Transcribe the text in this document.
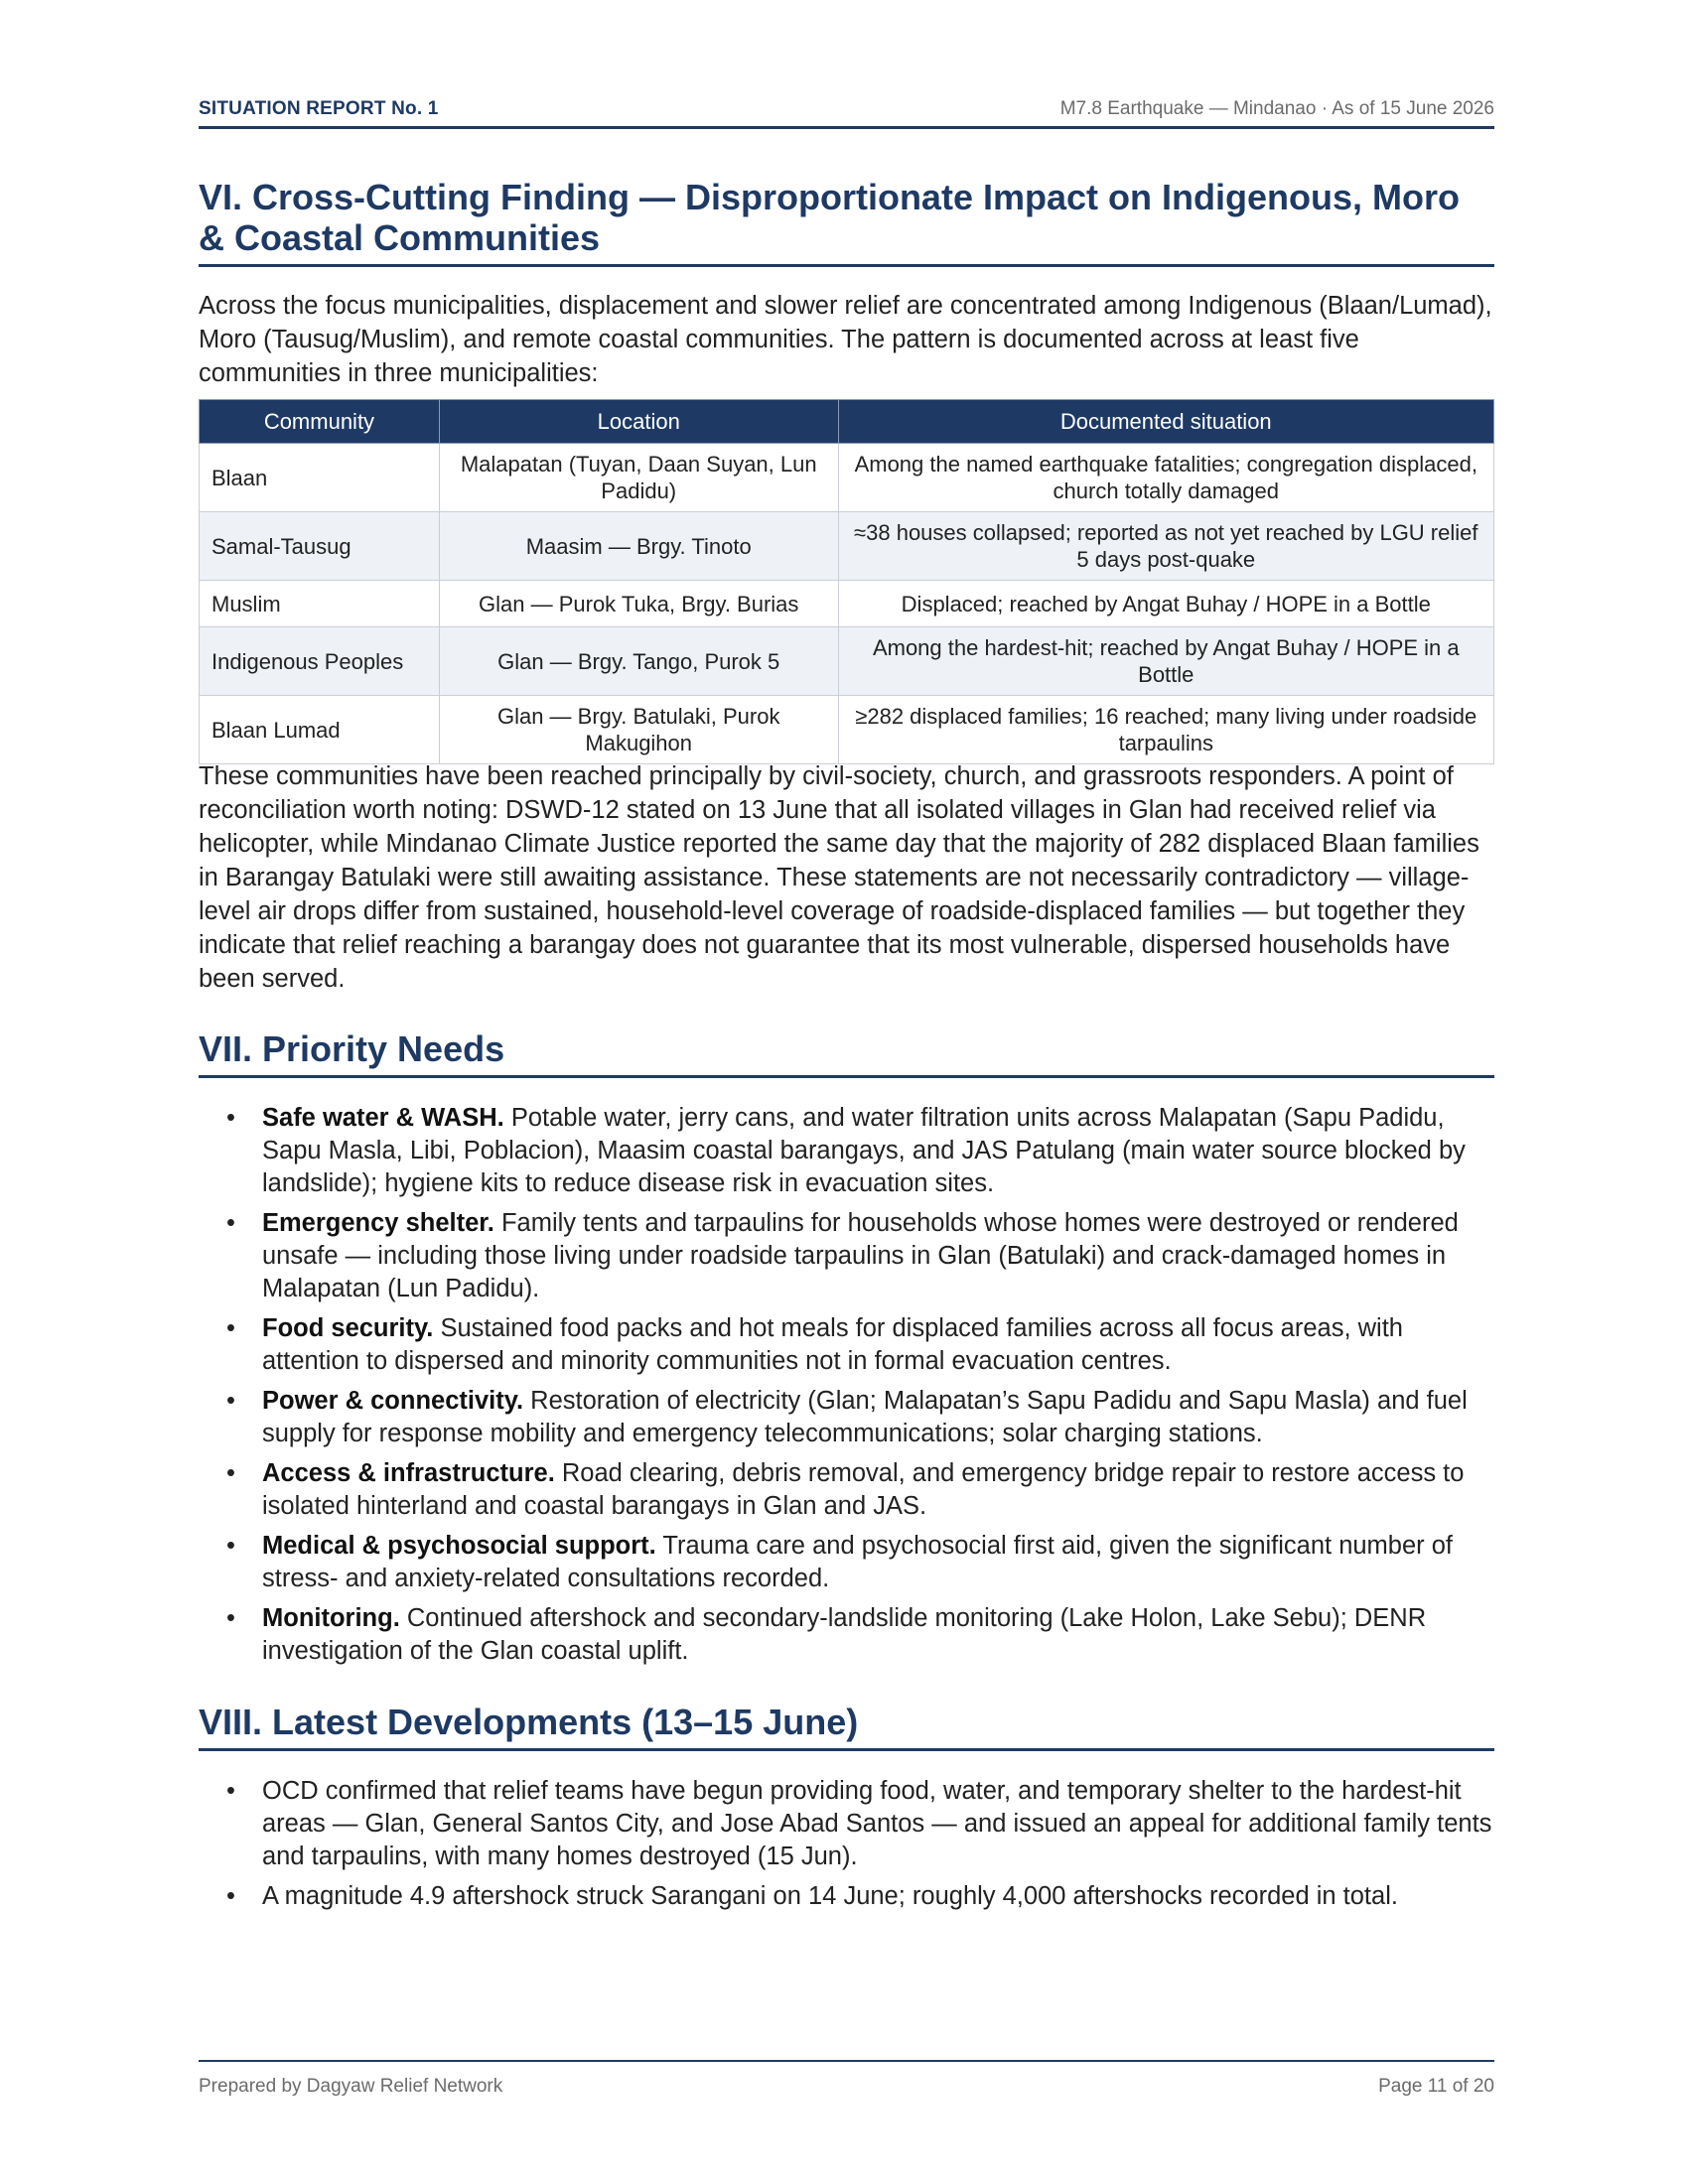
SITUATION REPORT No. 1	M7.8 Earthquake — Mindanao · As of 15 June 2026
VI. Cross-Cutting Finding — Disproportionate Impact on Indigenous, Moro & Coastal Communities

Across the focus municipalities, displacement and slower relief are concentrated among Indigenous (Blaan/Lumad), Moro (Tausug/Muslim), and remote coastal communities. The pattern is documented across at least five communities in three municipalities:

Community	Location	Documented situation
Blaan	Malapatan (Tuyan, Daan Suyan, Lun Padidu)	Among the named earthquake fatalities; congregation displaced, church totally damaged
Samal-Tausug	Maasim — Brgy. Tinoto	≈38 houses collapsed; reported as not yet reached by LGU relief 5 days post-quake
Muslim	Glan — Purok Tuka, Brgy. Burias	Displaced; reached by Angat Buhay / HOPE in a Bottle
Indigenous Peoples	Glan — Brgy. Tango, Purok 5	Among the hardest-hit; reached by Angat Buhay / HOPE in a Bottle
Blaan Lumad	Glan — Brgy. Batulaki, Purok Makugihon	≥282 displaced families; 16 reached; many living under roadside tarpaulins

These communities have been reached principally by civil-society, church, and grassroots responders. A point of reconciliation worth noting: DSWD-12 stated on 13 June that all isolated villages in Glan had received relief via helicopter, while Mindanao Climate Justice reported the same day that the majority of 282 displaced Blaan families in Barangay Batulaki were still awaiting assistance. These statements are not necessarily contradictory — village-level air drops differ from sustained, household-level coverage of roadside-displaced families — but together they indicate that relief reaching a barangay does not guarantee that its most vulnerable, dispersed households have been served.

VII. Priority Needs
• Safe water & WASH. Potable water, jerry cans, and water filtration units across Malapatan (Sapu Padidu, Sapu Masla, Libi, Poblacion), Maasim coastal barangays, and JAS Patulang (main water source blocked by landslide); hygiene kits to reduce disease risk in evacuation sites.
• Emergency shelter. Family tents and tarpaulins for households whose homes were destroyed or rendered unsafe — including those living under roadside tarpaulins in Glan (Batulaki) and crack-damaged homes in Malapatan (Lun Padidu).
• Food security. Sustained food packs and hot meals for displaced families across all focus areas, with attention to dispersed and minority communities not in formal evacuation centres.
• Power & connectivity. Restoration of electricity (Glan; Malapatan’s Sapu Padidu and Sapu Masla) and fuel supply for response mobility and emergency telecommunications; solar charging stations.
• Access & infrastructure. Road clearing, debris removal, and emergency bridge repair to restore access to isolated hinterland and coastal barangays in Glan and JAS.
• Medical & psychosocial support. Trauma care and psychosocial first aid, given the significant number of stress- and anxiety-related consultations recorded.
• Monitoring. Continued aftershock and secondary-landslide monitoring (Lake Holon, Lake Sebu); DENR investigation of the Glan coastal uplift.
VIII. Latest Developments (13–15 June)
• OCD confirmed that relief teams have begun providing food, water, and temporary shelter to the hardest-hit areas — Glan, General Santos City, and Jose Abad Santos — and issued an appeal for additional family tents and tarpaulins, with many homes destroyed (15 Jun).
• A magnitude 4.9 aftershock struck Sarangani on 14 June; roughly 4,000 aftershocks recorded in total.
Prepared by Dagyaw Relief Network	Page 11 of 20
